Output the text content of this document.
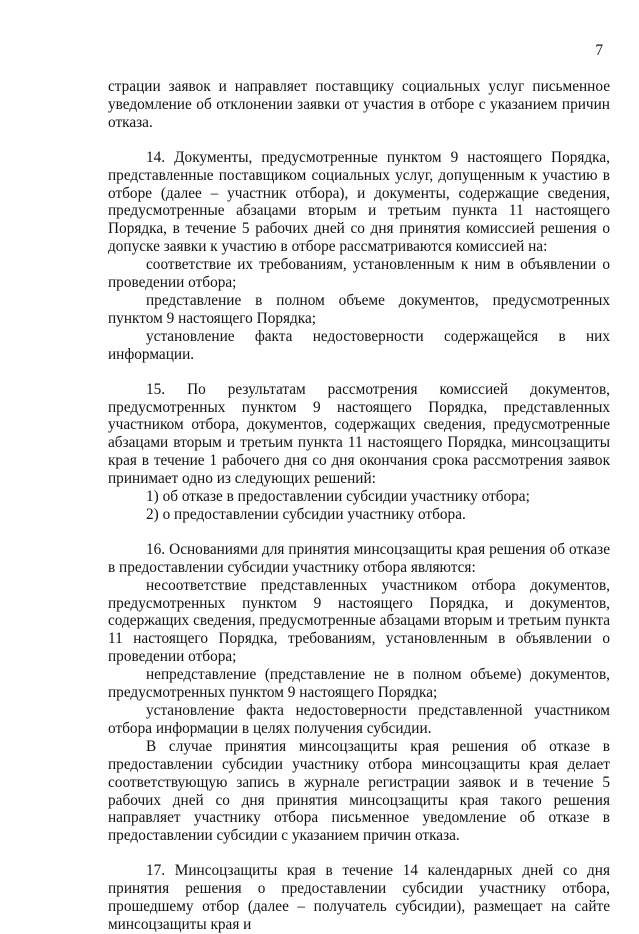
7

страции заявок и направляет поставщику социальных услуг письменное уведомление об отклонении заявки от участия в отборе с указанием причин отказа.

14. Документы, предусмотренные пунктом 9 настоящего Порядка, представленные поставщиком социальных услуг, допущенным к участию в отборе (далее – участник отбора), и документы, содержащие сведения, предусмотренные абзацами вторым и третьим пункта 11 настоящего Порядка, в течение 5 рабочих дней со дня принятия комиссией решения о допуске заявки к участию в отборе рассматриваются комиссией на:

соответствие их требованиям, установленным к ним в объявлении о проведении отбора;

представление в полном объеме документов, предусмотренных пунктом 9 настоящего Порядка;

установление факта недостоверности содержащейся в них информации.

15. По результатам рассмотрения комиссией документов, предусмотренных пунктом 9 настоящего Порядка, представленных участником отбора, документов, содержащих сведения, предусмотренные абзацами вторым и третьим пункта 11 настоящего Порядка, минсоцзащиты края в течение 1 рабочего дня со дня окончания срока рассмотрения заявок принимает одно из следующих решений:

1) об отказе в предоставлении субсидии участнику отбора;

2) о предоставлении субсидии участнику отбора.

16. Основаниями для принятия минсоцзащиты края решения об отказе в предоставлении субсидии участнику отбора являются:

несоответствие представленных участником отбора документов, предусмотренных пунктом 9 настоящего Порядка, и документов, содержащих сведения, предусмотренные абзацами вторым и третьим пункта 11 настоящего Порядка, требованиям, установленным в объявлении о проведении отбора;

непредставление (представление не в полном объеме) документов, предусмотренных пунктом 9 настоящего Порядка;

установление факта недостоверности представленной участником отбора информации в целях получения субсидии.

В случае принятия минсоцзащиты края решения об отказе в предоставлении субсидии участнику отбора минсоцзащиты края делает соответствующую запись в журнале регистрации заявок и в течение 5 рабочих дней со дня принятия минсоцзащиты края такого решения направляет участнику отбора письменное уведомление об отказе в предоставлении субсидии с указанием причин отказа.

17. Минсоцзащиты края в течение 14 календарных дней со дня принятия решения о предоставлении субсидии участнику отбора, прошедшему отбор (далее – получатель субсидии), размещает на сайте минсоцзащиты края и
